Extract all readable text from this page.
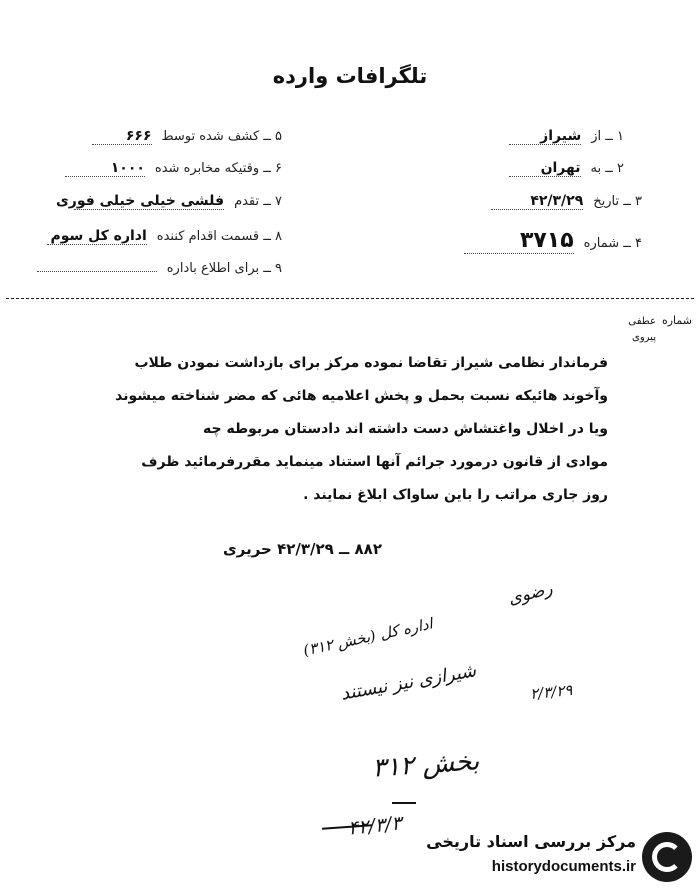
تلگرافات وارده
۱ ــ از
شیراز
۲ ــ به
تهران
۳ ــ تاریخ
۴۲/۳/۲۹
۴ ــ شماره
۳۷۱۵
۵ ــ کشف شده توسط
۶۶۶
۶ ــ وقتیکه مخابره شده
۱۰۰۰
۷ ــ تقدم
فلشی خیلی خیلی فوری
۸ ــ قسمت اقدام کننده
اداره کل سوم
۹ ــ برای اطلاع باداره
شماره
عطفی
پیروی
فرماندار نظامی شیراز تقاضا نموده مرکز برای بازداشت نمودن طلاب
وآخوند هائیکه نسبت بحمل و پخش اعلامیه هائی که مضر شناخته میشوند
ویا در اخلال واغتشاش دست داشته اند دادستان مربوطه چه
موادی از قانون درمورد جرائم آنها استناد مینماید مقررفرمائید ظرف
روز جاری مراتب را باین ساواک ابلاغ نمایند .
۸۸۲ ــ ۴۲/۳/۲۹ حریری
رضوی
اداره کل (بخش ۳۱۲)
شیرازی نیز نیستند	۲/۳/۲۹
بخش ۳۱۲
۴۲/۳/۳
مرکز بررسی اسناد تاریخی
historydocuments.ir
